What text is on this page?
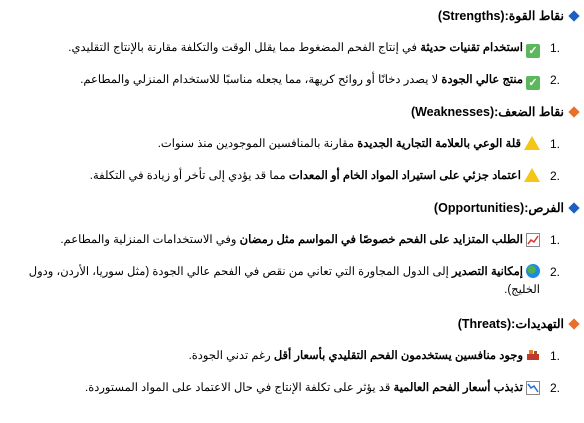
نقاط القوة:(Strengths)
1.
✓استخدام تقنيات حديثة في إنتاج الفحم المضغوط مما يقلل الوقت والتكلفة مقارنة بالإنتاج التقليدي.
2.
✓منتج عالي الجودة لا يصدر دخانًا أو روائح كريهة، مما يجعله مناسبًا للاستخدام المنزلي والمطاعم.
نقاط الضعف:(Weaknesses)
1.
قلة الوعي بالعلامة التجارية الجديدة مقارنة بالمنافسين الموجودين منذ سنوات.
2.
اعتماد جزئي على استيراد المواد الخام أو المعدات مما قد يؤدي إلى تأخر أو زيادة في التكلفة.
الفرص:(Opportunities)
1.
الطلب المتزايد على الفحم خصوصًا في المواسم مثل رمضان وفي الاستخدامات المنزلية والمطاعم.
2.
إمكانية التصدير إلى الدول المجاورة التي تعاني من نقص في الفحم عالي الجودة (مثل سوريا، الأردن، ودول الخليج).
التهديدات:(Threats)
1.
وجود منافسين يستخدمون الفحم التقليدي بأسعار أقل رغم تدني الجودة.
2.
تذبذب أسعار الفحم العالمية قد يؤثر على تكلفة الإنتاج في حال الاعتماد على المواد المستوردة.
